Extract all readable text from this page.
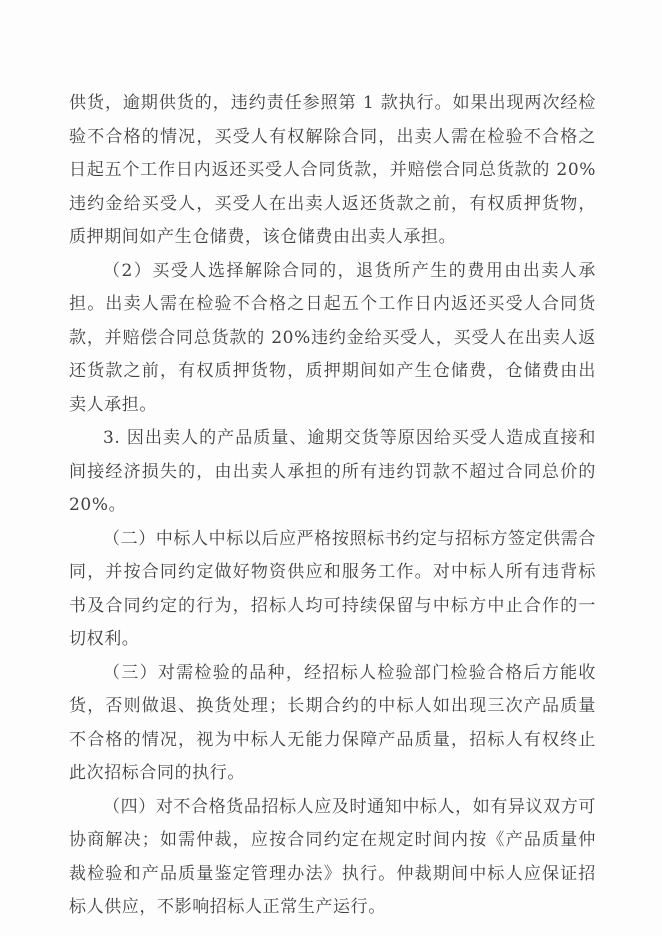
供货，逾期供货的，违约责任参照第 1 款执行。如果出现两次经检验不合格的情况，买受人有权解除合同，出卖人需在检验不合格之日起五个工作日内返还买受人合同货款，并赔偿合同总货款的 20%违约金给买受人，买受人在出卖人返还货款之前，有权质押货物，质押期间如产生仓储费，该仓储费由出卖人承担。

（2）买受人选择解除合同的，退货所产生的费用由出卖人承担。出卖人需在检验不合格之日起五个工作日内返还买受人合同货款，并赔偿合同总货款的 20%违约金给买受人，买受人在出卖人返还货款之前，有权质押货物，质押期间如产生仓储费，仓储费由出卖人承担。

3. 因出卖人的产品质量、逾期交货等原因给买受人造成直接和间接经济损失的，由出卖人承担的所有违约罚款不超过合同总价的 20%。

（二）中标人中标以后应严格按照标书约定与招标方签定供需合同，并按合同约定做好物资供应和服务工作。对中标人所有违背标书及合同约定的行为，招标人均可持续保留与中标方中止合作的一切权利。

（三）对需检验的品种，经招标人检验部门检验合格后方能收货，否则做退、换货处理；长期合约的中标人如出现三次产品质量不合格的情况，视为中标人无能力保障产品质量，招标人有权终止此次招标合同的执行。

（四）对不合格货品招标人应及时通知中标人，如有异议双方可协商解决；如需仲裁，应按合同约定在规定时间内按《产品质量仲裁检验和产品质量鉴定管理办法》执行。仲裁期间中标人应保证招标人供应，不影响招标人正常生产运行。
